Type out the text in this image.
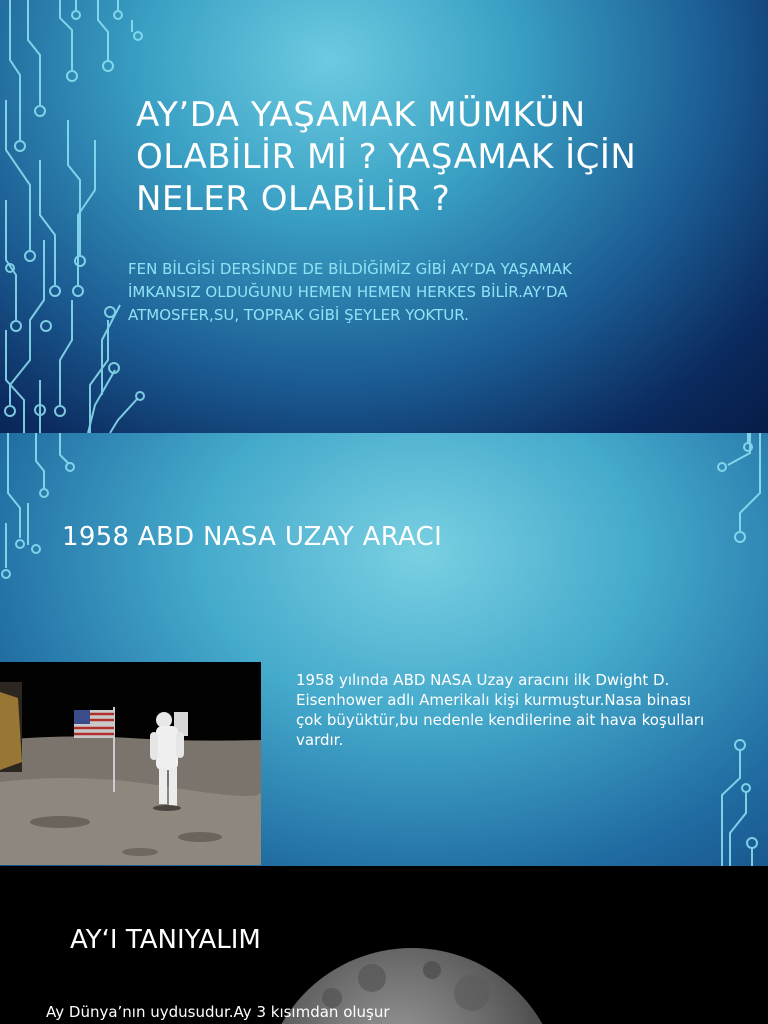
AY’DA YAŞAMAK MÜMKÜN OLABİLİR Mİ ? YAŞAMAK İÇİN NELER OLABİLİR ?

FEN BİLGİSİ DERSİNDE DE BİLDİĞİMİZ GİBİ AY‘DA YAŞAMAK İMKANSIZ OLDUĞUNU HEMEN HEMEN HERKES BİLİR.AY‘DA ATMOSFER,SU, TOPRAK GİBİ ŞEYLER YOKTUR.

1958 ABD NASA UZAY ARACI

1958 yılında ABD NASA Uzay aracını ilk Dwight D. Eisenhower adlı Amerikalı kişi kurmuştur.Nasa binası çok büyüktür,bu nedenle kendilerine ait hava koşulları vardır.

AY‘I TANIYALIM

Ay Dünya’nın uydusudur.Ay 3 kısımdan oluşur
